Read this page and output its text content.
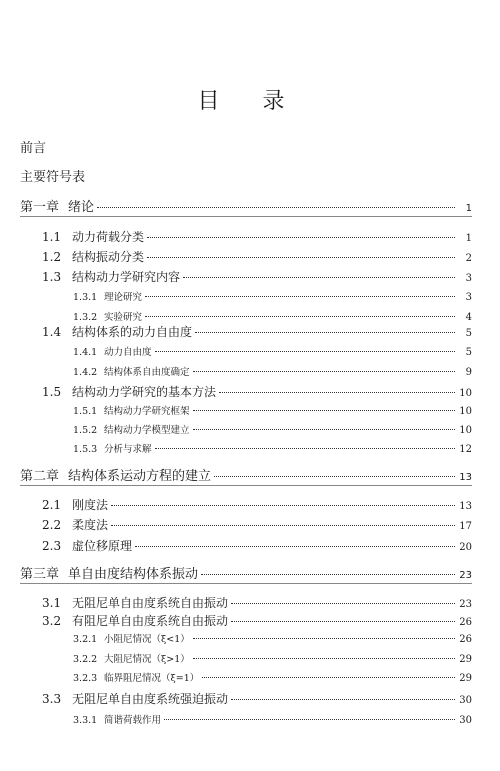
目 录
前言
主要符号表
第一章 绪论	1
1.1 动力荷载分类	1
1.2 结构振动分类	2
1.3 结构动力学研究内容	3
1.3.1 理论研究	3
1.3.2 实验研究	4
1.4 结构体系的动力自由度	5
1.4.1 动力自由度	5
1.4.2 结构体系自由度确定	9
1.5 结构动力学研究的基本方法	10
1.5.1 结构动力学研究框架	10
1.5.2 结构动力学模型建立	10
1.5.3 分析与求解	12
第二章 结构体系运动方程的建立	13
2.1 刚度法	13
2.2 柔度法	17
2.3 虚位移原理	20
第三章 单自由度结构体系振动	23
3.1 无阻尼单自由度系统自由振动	23
3.2 有阻尼单自由度系统自由振动	26
3.2.1 小阻尼情况（ξ<1）	26
3.2.2 大阻尼情况（ξ>1）	29
3.2.3 临界阻尼情况（ξ=1）	29
3.3 无阻尼单自由度系统强迫振动	30
3.3.1 简谐荷载作用	30
